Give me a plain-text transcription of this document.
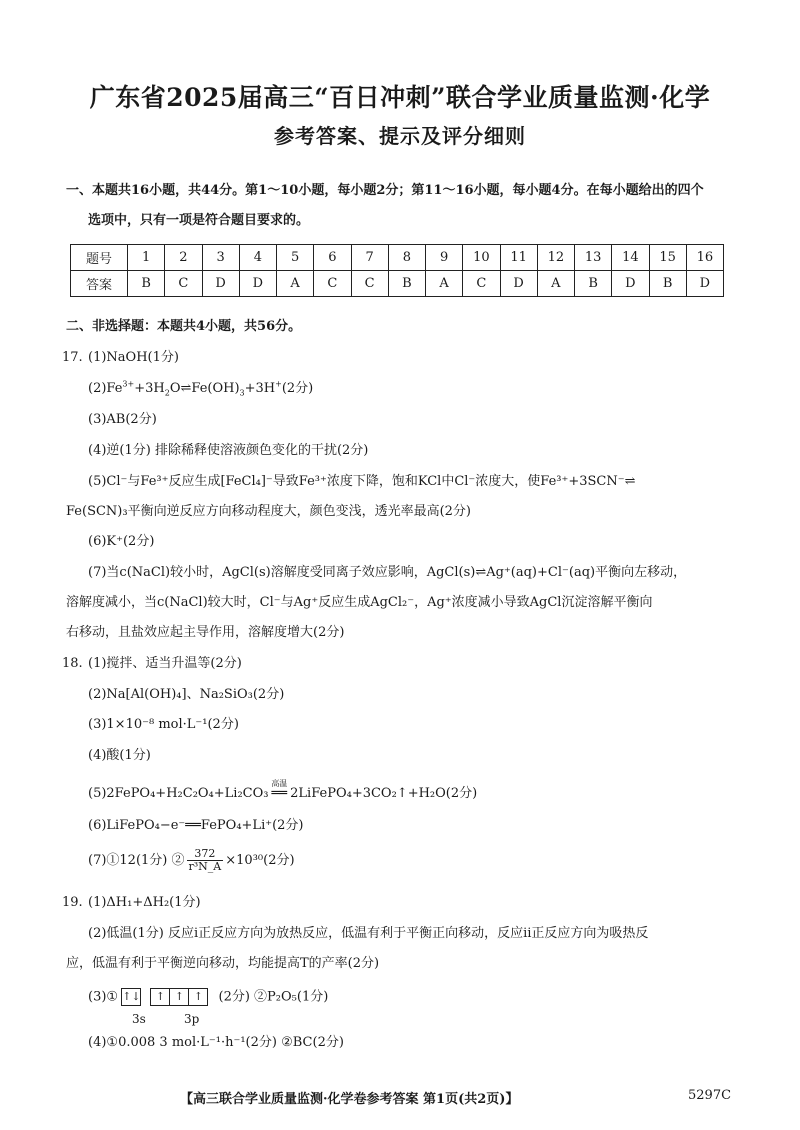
广东省2025届高三“百日冲刺”联合学业质量监测·化学
参考答案、提示及评分细则
一、本题共16小题，共44分。第1～10小题，每小题2分；第11～16小题，每小题4分。在每小题给出的四个
选项中，只有一项是符合题目要求的。
题号	1	2	3	4	5	6	7	8	9	10	11	12	13	14	15	16
答案	B	C	D	D	A	C	C	B	A	C	D	A	B	D	B	D
二、非选择题：本题共4小题，共56分。
17. (1)NaOH(1分)
$(2)Fe^{3+}+3H_2O\rightleftharpoons Fe(OH)_3+3H^+(2$分)
(3)AB(2分)
(4)逆(1分) 排除稀释使溶液颜色变化的干扰(2分)
(5)Cl⁻与Fe³⁺反应生成[FeCl₄]⁻导致Fe³⁺浓度下降，饱和KCl中Cl⁻浓度大，使Fe³⁺+3SCN⁻⇌
Fe(SCN)₃平衡向逆反应方向移动程度大，颜色变浅，透光率最高(2分)
(6)K⁺(2分)
(7)当c(NaCl)较小时，AgCl(s)溶解度受同离子效应影响，AgCl(s)⇌Ag⁺(aq)+Cl⁻(aq)平衡向左移动，
溶解度减小，当c(NaCl)较大时，Cl⁻与Ag⁺反应生成AgCl₂⁻，Ag⁺浓度减小导致AgCl沉淀溶解平衡向
右移动，且盐效应起主导作用，溶解度增大(2分)
18. (1)搅拌、适当升温等(2分)
(2)Na[Al(OH)₄]、Na₂SiO₃(2分)
(3)1×10⁻⁸ mol·L⁻¹(2分)
(4)酸(1分)
(5)2FePO₄+H₂C₂O₄+Li₂CO₃
高温
══ 2LiFePO₄+3CO₂↑+H₂O(2分)
(6)LiFePO₄−e⁻══FePO₄+Li⁺(2分)
(7)①12(1分) ② $\frac{372}{\text{r³N\_A}} \times 10^{30}(2$分)
19. (1)ΔH₁+ΔH₂(1分)
(2)低温(1分) 反应ⅰ正反应方向为放热反应，低温有利于平衡正向移动，反应ⅱ正反应方向为吸热反
应，低温有利于平衡逆向移动，均能提高T的产率(2分)
(3)① ↑↓ ↑ ↑ ↑ (2分) ②P₂O₅(1分)
3s	3p
(4)①0.008 3 mol·L⁻¹·h⁻¹(2分) ②BC(2分)
【高三联合学业质量监测·化学卷参考答案 第1页(共2页)】	5297C
